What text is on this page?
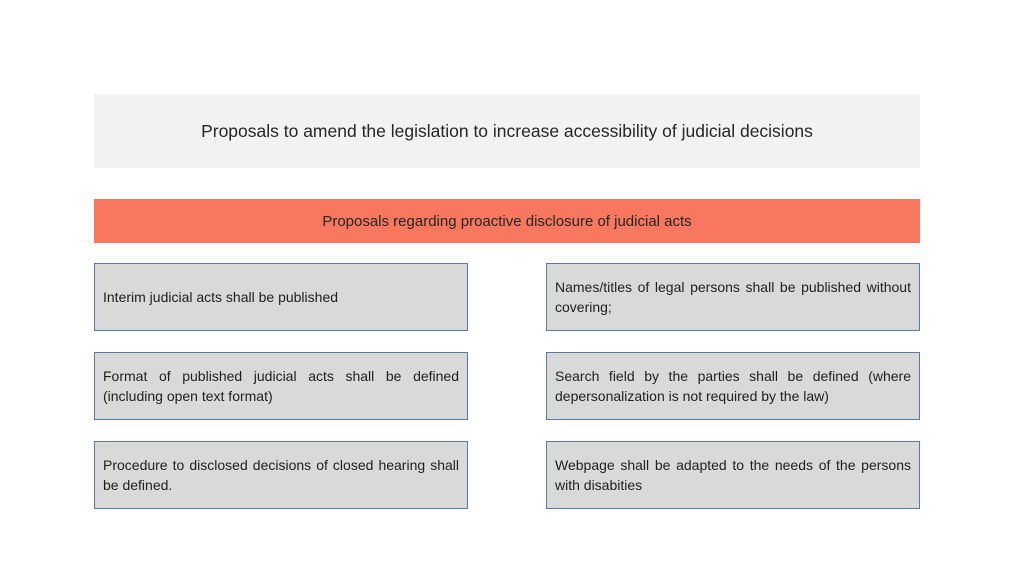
Proposals to amend the legislation to increase accessibility of judicial decisions
Proposals regarding proactive disclosure of judicial acts
Interim judicial acts shall be published
Names/titles of legal persons shall be published without covering;
Format of published judicial acts shall be defined (including open text format)
Search field by the parties shall be defined (where depersonalization is not required by the law)
Procedure to disclosed decisions of closed hearing shall be defined.
Webpage shall be adapted to the needs of the persons with disabities
